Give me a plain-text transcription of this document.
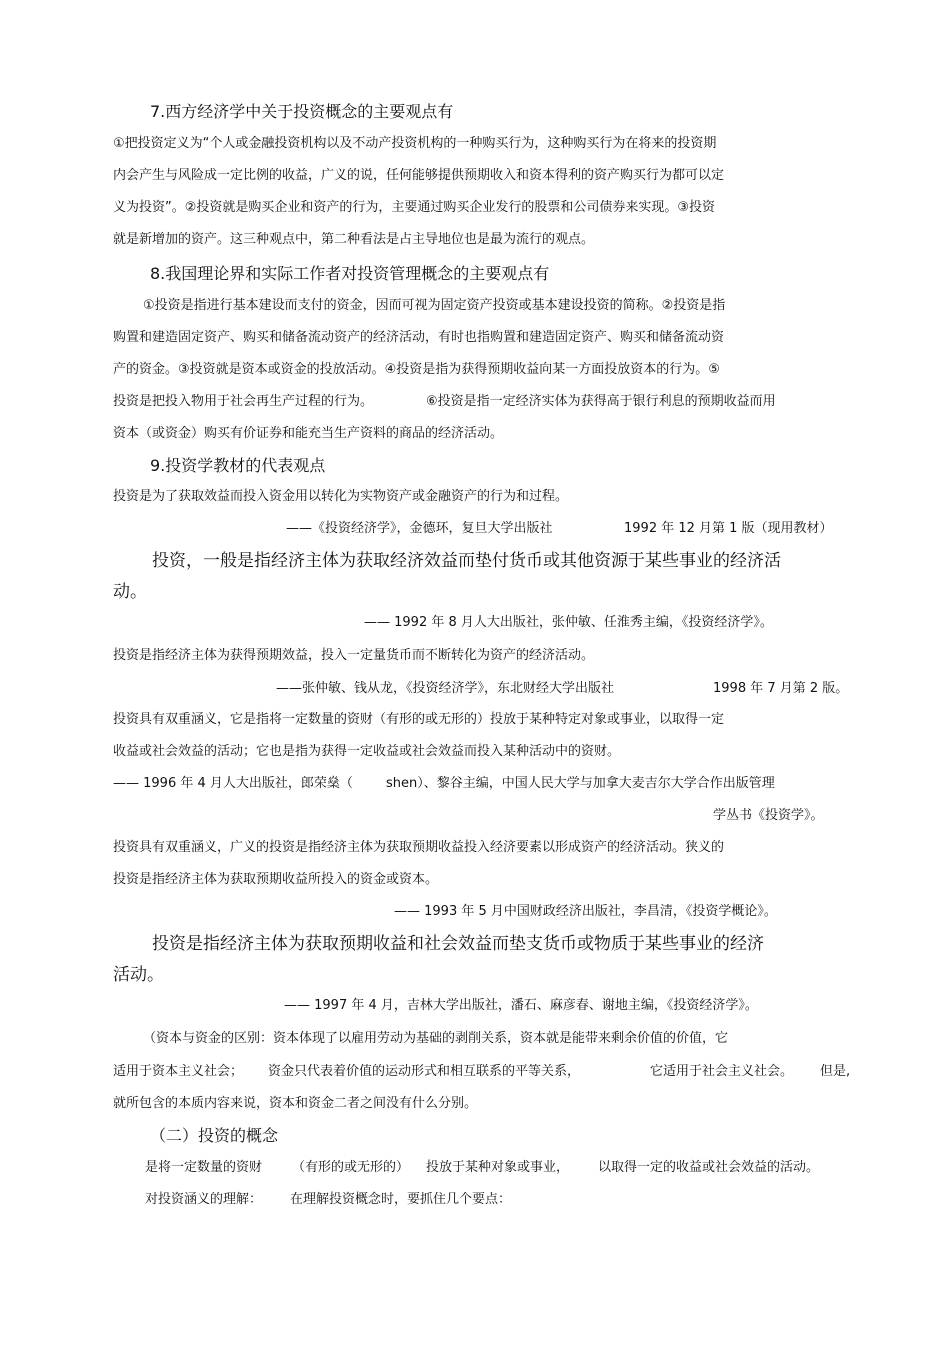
7.西方经济学中关于投资概念的主要观点有
①把投资定义为“个人或金融投资机构以及不动产投资机构的一种购买行为，这种购买行为在将来的投资期
内会产生与风险成一定比例的收益，广义的说，任何能够提供预期收入和资本得利的资产购买行为都可以定
义为投资”。②投资就是购买企业和资产的行为，主要通过购买企业发行的股票和公司债券来实现。③投资
就是新增加的资产。这三种观点中，第二种看法是占主导地位也是最为流行的观点。
8.我国理论界和实际工作者对投资管理概念的主要观点有
①投资是指进行基本建设而支付的资金，因而可视为固定资产投资或基本建设投资的简称。②投资是指
购置和建造固定资产、购买和储备流动资产的经济活动，有时也指购置和建造固定资产、购买和储备流动资
产的资金。③投资就是资本或资金的投放活动。④投资是指为获得预期收益向某一方面投放资本的行为。⑤
投资是把投入物用于社会再生产过程的行为。	⑥投资是指一定经济实体为获得高于银行利息的预期收益而用
资本（或资金）购买有价证券和能充当生产资料的商品的经济活动。
9.投资学教材的代表观点
投资是为了获取效益而投入资金用以转化为实物资产或金融资产的行为和过程。
——《投资经济学》，金德环，复旦大学出版社	1992 年 12 月第 1 版（现用教材）
投资，一般是指经济主体为获取经济效益而垫付货币或其他资源于某些事业的经济活
动。
—— 1992 年 8 月人大出版社，张仲敏、任淮秀主编，《投资经济学》。
投资是指经济主体为获得预期效益，投入一定量货币而不断转化为资产的经济活动。
——张仲敏、钱从龙，《投资经济学》，东北财经大学出版社	1998 年 7 月第 2 版。
投资具有双重涵义，它是指将一定数量的资财（有形的或无形的）投放于某种特定对象或事业，以取得一定
收益或社会效益的活动；它也是指为获得一定收益或社会效益而投入某种活动中的资财。
—— 1996 年 4 月人大出版社，郎荣燊（	shen）、黎谷主编，中国人民大学与加拿大麦吉尔大学合作出版管理
学丛书《投资学》。
投资具有双重涵义，广义的投资是指经济主体为获取预期收益投入经济要素以形成资产的经济活动。狭义的
投资是指经济主体为获取预期收益所投入的资金或资本。
—— 1993 年 5 月中国财政经济出版社，李昌清，《投资学概论》。
投资是指经济主体为获取预期收益和社会效益而垫支货币或物质于某些事业的经济
活动。
—— 1997 年 4 月，吉林大学出版社，潘石、麻彦春、谢地主编，《投资经济学》。
（资本与资金的区别：资本体现了以雇用劳动为基础的剥削关系，资本就是能带来剩余价值的价值，它
适用于资本主义社会； 资金只代表着价值的运动形式和相互联系的平等关系，	它适用于社会主义社会。 但是,
就所包含的本质内容来说，资本和资金二者之间没有什么分别。
（二）投资的概念
是将一定数量的资财 （有形的或无形的） 投放于某种对象或事业， 以取得一定的收益或社会效益的活动。
对投资涵义的理解： 在理解投资概念时，要抓住几个要点：
